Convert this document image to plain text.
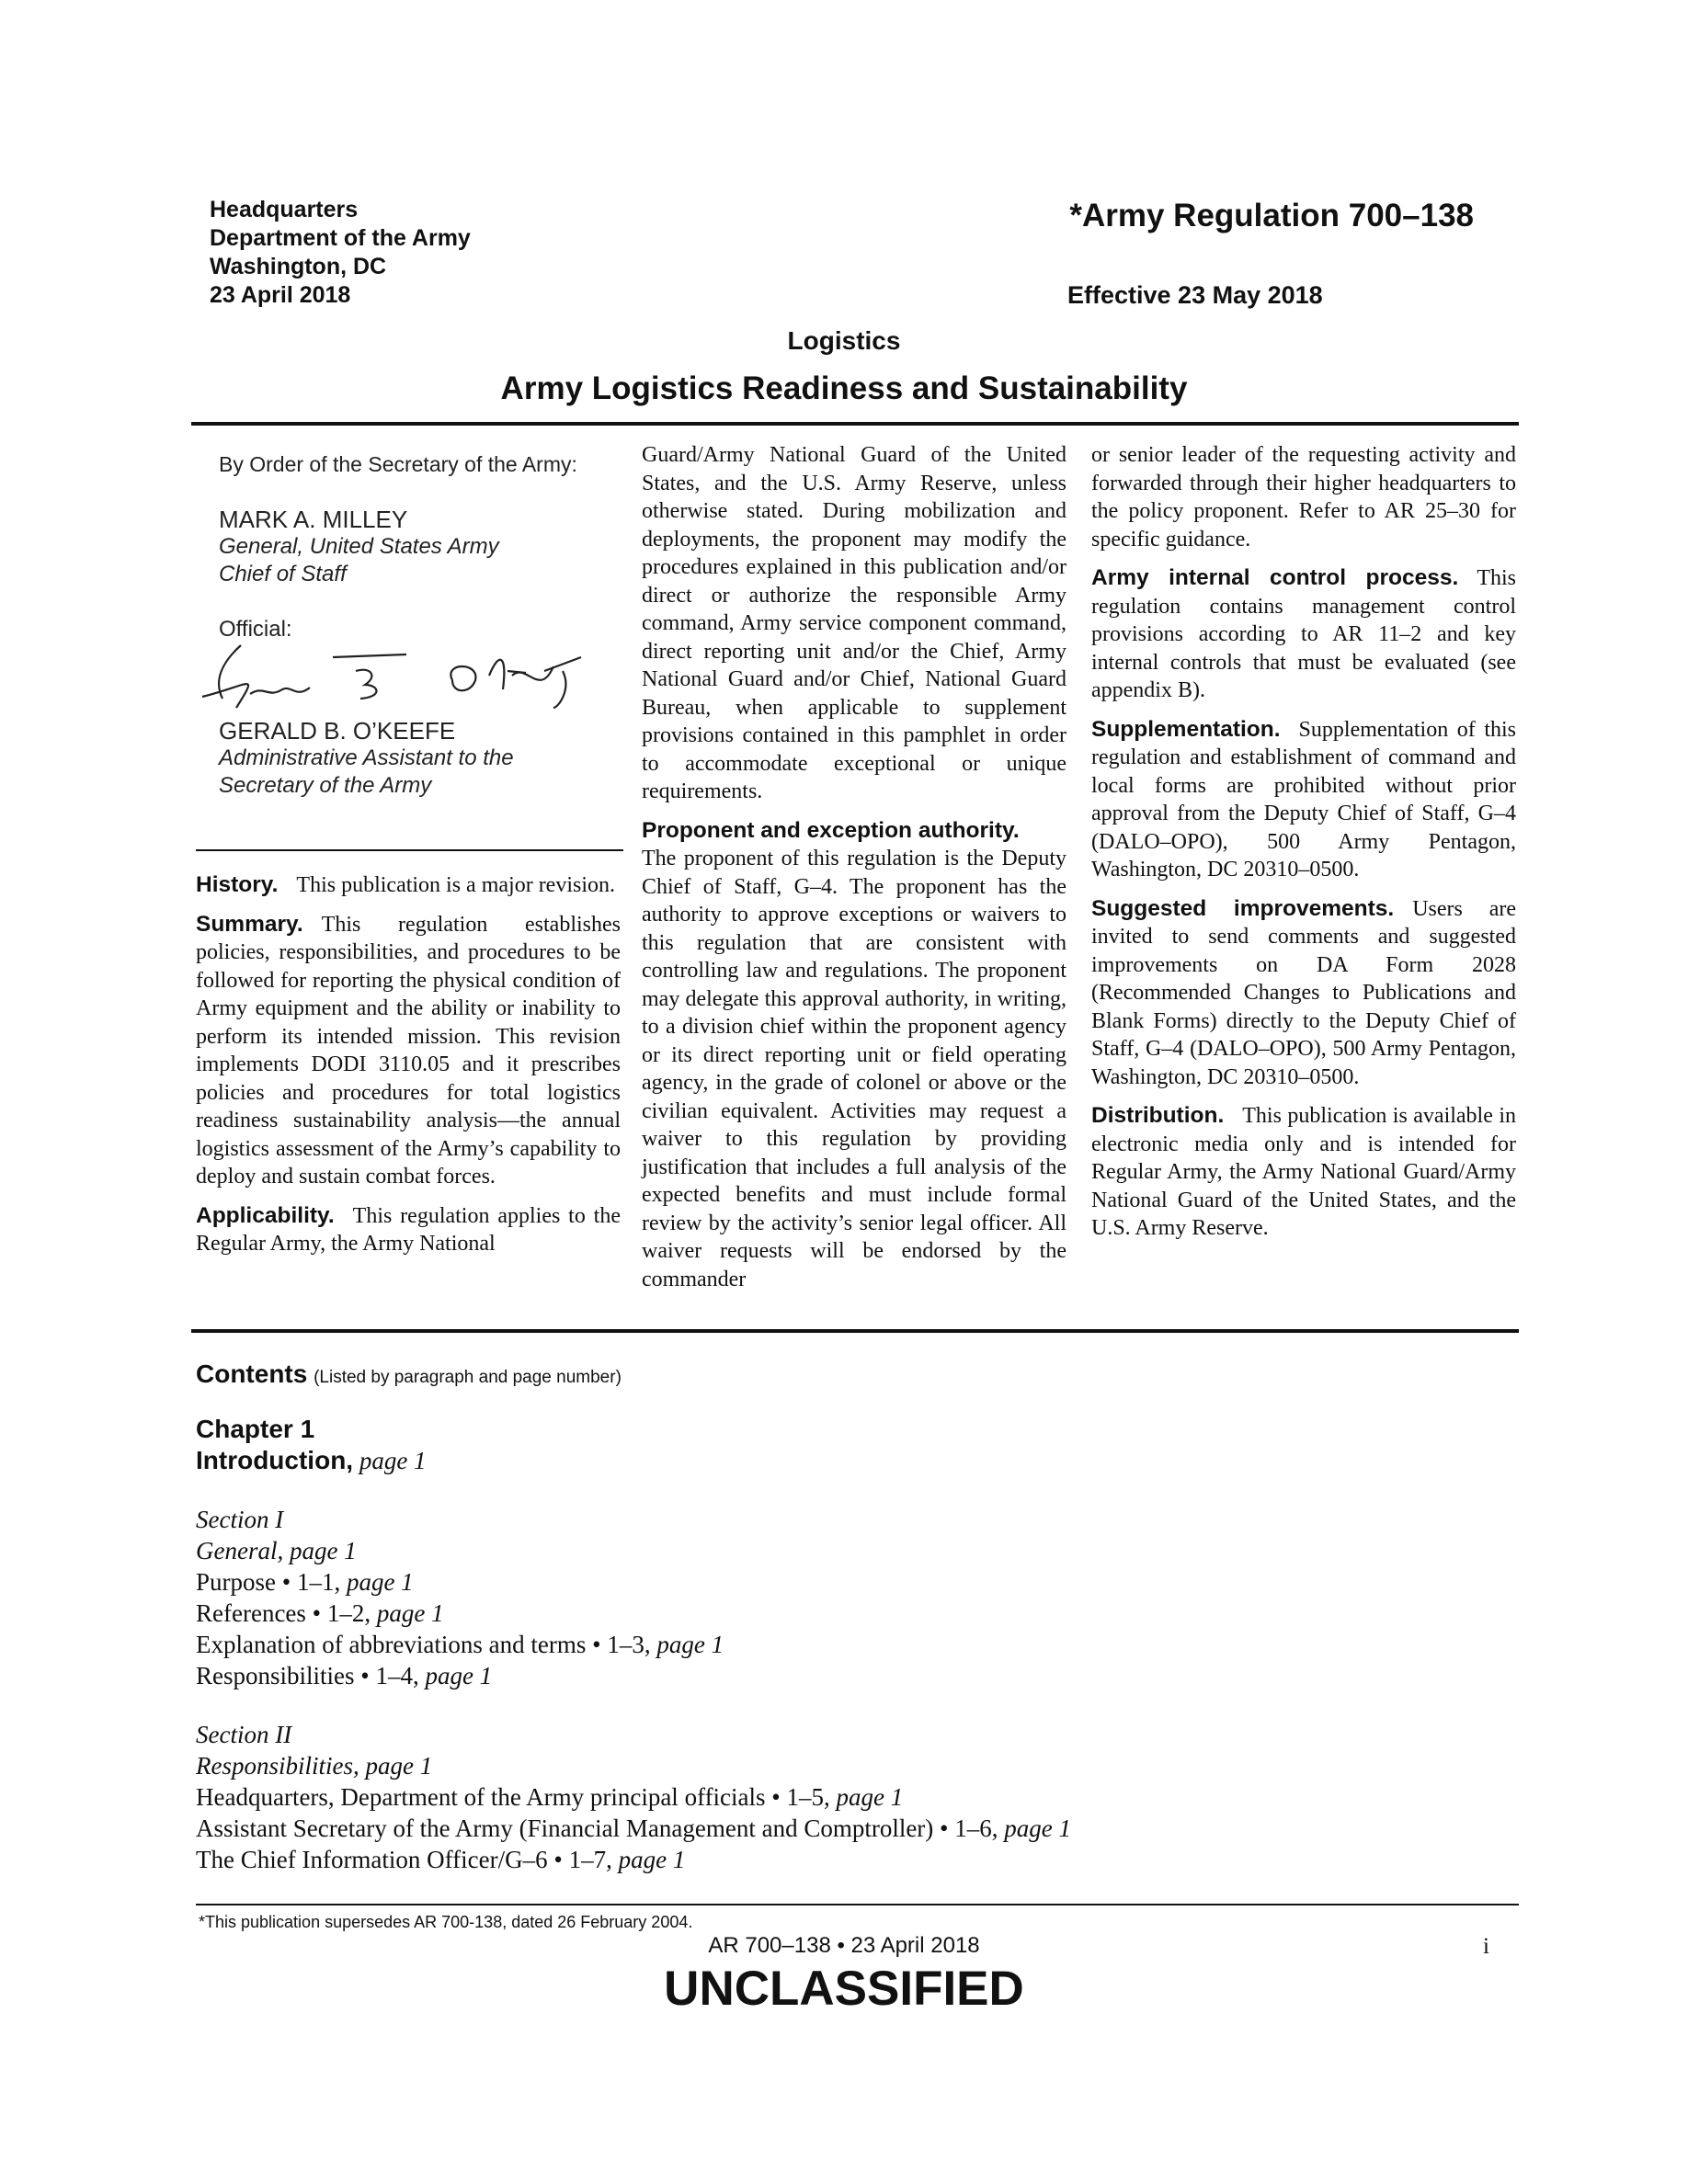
Headquarters
Department of the Army
Washington, DC
23 April 2018
*Army Regulation 700–138
Effective 23 May 2018
Logistics
Army Logistics Readiness and Sustainability
By Order of the Secretary of the Army:
MARK A. MILLEY
General, United States Army
Chief of Staff
Official:
GERALD B. O’KEEFE
Administrative Assistant to the
Secretary of the Army

History. This publication is a major revision.

Summary. This regulation establishes policies, responsibilities, and procedures to be followed for reporting the physical condition of Army equipment and the ability or inability to perform its intended mission. This revision implements DODI 3110.05 and it prescribes policies and procedures for total logistics readiness sustainability analysis—the annual logistics assessment of the Army’s capability to deploy and sustain combat forces.

Applicability. This regulation applies to the Regular Army, the Army National

Guard/Army National Guard of the United States, and the U.S. Army Reserve, unless otherwise stated. During mobilization and deployments, the proponent may modify the procedures explained in this publication and/or direct or authorize the responsible Army command, Army service component command, direct reporting unit and/or the Chief, Army National Guard and/or Chief, National Guard Bureau, when applicable to supplement provisions contained in this pamphlet in order to accommodate exceptional or unique requirements.

Proponent and exception authority.
The proponent of this regulation is the Deputy Chief of Staff, G–4. The proponent has the authority to approve exceptions or waivers to this regulation that are consistent with controlling law and regulations. The proponent may delegate this approval authority, in writing, to a division chief within the proponent agency or its direct reporting unit or field operating agency, in the grade of colonel or above or the civilian equivalent. Activities may request a waiver to this regulation by providing justification that includes a full analysis of the expected benefits and must include formal review by the activity’s senior legal officer. All waiver requests will be endorsed by the commander

or senior leader of the requesting activity and forwarded through their higher headquarters to the policy proponent. Refer to AR 25–30 for specific guidance.

Army internal control process. This regulation contains management control provisions according to AR 11–2 and key internal controls that must be evaluated (see appendix B).

Supplementation. Supplementation of this regulation and establishment of command and local forms are prohibited without prior approval from the Deputy Chief of Staff, G–4 (DALO–OPO), 500 Army Pentagon, Washington, DC 20310–0500.

Suggested improvements. Users are invited to send comments and suggested improvements on DA Form 2028 (Recommended Changes to Publications and Blank Forms) directly to the Deputy Chief of Staff, G–4 (DALO–OPO), 500 Army Pentagon, Washington, DC 20310–0500.

Distribution. This publication is available in electronic media only and is intended for Regular Army, the Army National Guard/Army National Guard of the United States, and the U.S. Army Reserve.

Contents (Listed by paragraph and page number)
Chapter 1
Introduction, page 1
Section I
General, page 1
Purpose • 1–1, page 1
References • 1–2, page 1
Explanation of abbreviations and terms • 1–3, page 1
Responsibilities • 1–4, page 1
Section II
Responsibilities, page 1
Headquarters, Department of the Army principal officials • 1–5, page 1
Assistant Secretary of the Army (Financial Management and Comptroller) • 1–6, page 1
The Chief Information Officer/G–6 • 1–7, page 1
*This publication supersedes AR 700-138, dated 26 February 2004.
AR 700–138 • 23 April 2018	i
UNCLASSIFIED
